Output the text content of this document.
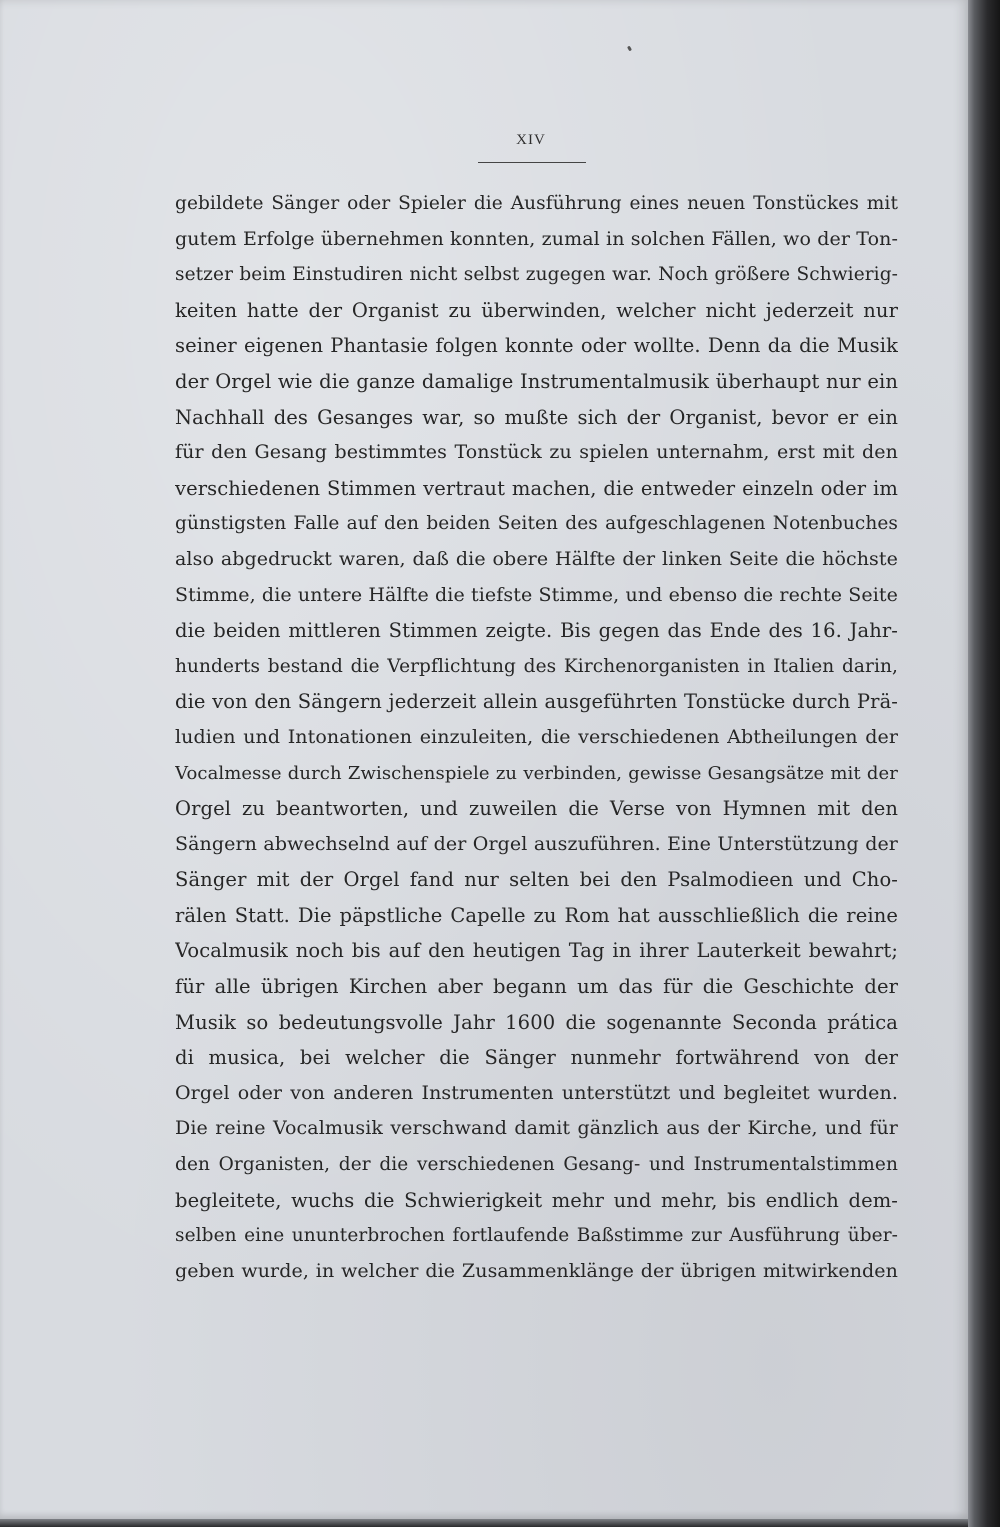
XIV
gebildete Sänger oder Spieler die Ausführung eines neuen Tonstückes mit
gutem Erfolge übernehmen konnten, zumal in solchen Fällen, wo der Ton-
setzer beim Einstudiren nicht selbst zugegen war. Noch größere Schwierig-
keiten hatte der Organist zu überwinden, welcher nicht jederzeit nur
seiner eigenen Phantasie folgen konnte oder wollte. Denn da die Musik
der Orgel wie die ganze damalige Instrumentalmusik überhaupt nur ein
Nachhall des Gesanges war, so mußte sich der Organist, bevor er ein
für den Gesang bestimmtes Tonstück zu spielen unternahm, erst mit den
verschiedenen Stimmen vertraut machen, die entweder einzeln oder im
günstigsten Falle auf den beiden Seiten des aufgeschlagenen Notenbuches
also abgedruckt waren, daß die obere Hälfte der linken Seite die höchste
Stimme, die untere Hälfte die tiefste Stimme, und ebenso die rechte Seite
die beiden mittleren Stimmen zeigte. Bis gegen das Ende des 16. Jahr-
hunderts bestand die Verpflichtung des Kirchenorganisten in Italien darin,
die von den Sängern jederzeit allein ausgeführten Tonstücke durch Prä-
ludien und Intonationen einzuleiten, die verschiedenen Abtheilungen der
Vocalmesse durch Zwischenspiele zu verbinden, gewisse Gesangsätze mit der
Orgel zu beantworten, und zuweilen die Verse von Hymnen mit den
Sängern abwechselnd auf der Orgel auszuführen. Eine Unterstützung der
Sänger mit der Orgel fand nur selten bei den Psalmodieen und Cho-
rälen Statt. Die päpstliche Capelle zu Rom hat ausschließlich die reine
Vocalmusik noch bis auf den heutigen Tag in ihrer Lauterkeit bewahrt;
für alle übrigen Kirchen aber begann um das für die Geschichte der
Musik so bedeutungsvolle Jahr 1600 die sogenannte Seconda prática
di musica, bei welcher die Sänger nunmehr fortwährend von der
Orgel oder von anderen Instrumenten unterstützt und begleitet wurden.
Die reine Vocalmusik verschwand damit gänzlich aus der Kirche, und für
den Organisten, der die verschiedenen Gesang- und Instrumentalstimmen
begleitete, wuchs die Schwierigkeit mehr und mehr, bis endlich dem-
selben eine ununterbrochen fortlaufende Baßstimme zur Ausführung über-
geben wurde, in welcher die Zusammenklänge der übrigen mitwirkenden
